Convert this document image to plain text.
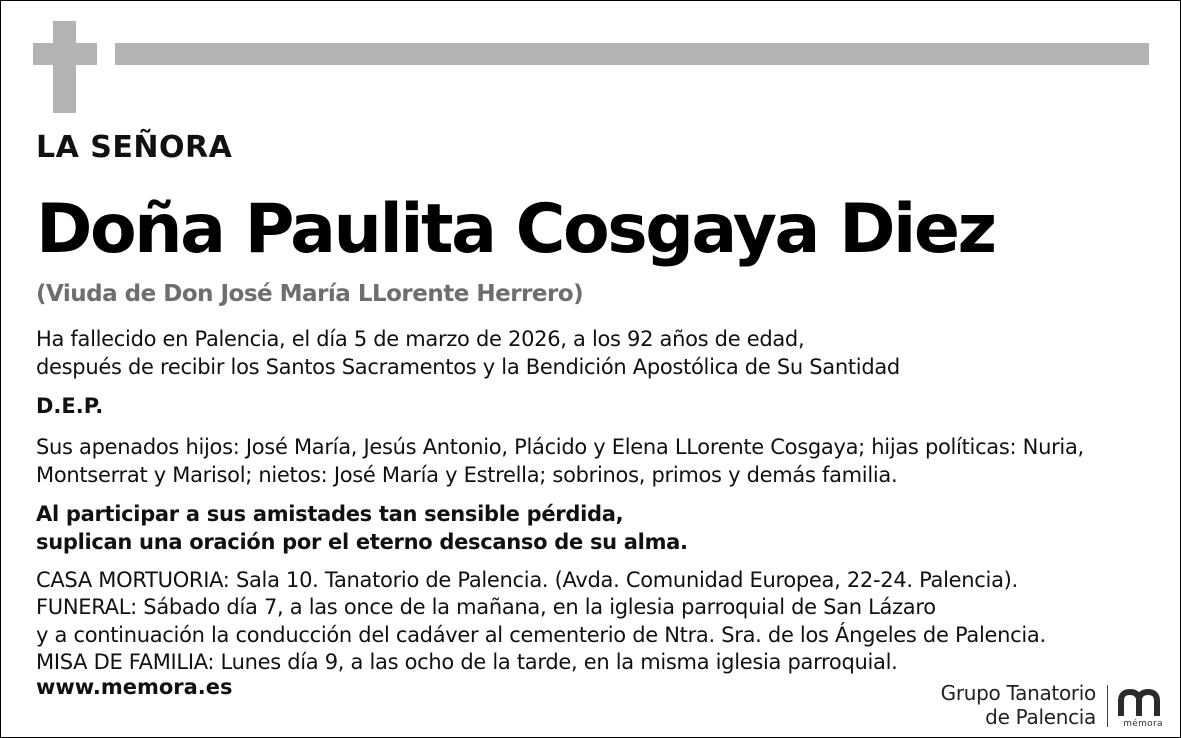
LA SEÑORA
Doña Paulita Cosgaya Diez
(Viuda de Don José María LLorente Herrero)
Ha fallecido en Palencia, el día 5 de marzo de 2026, a los 92 años de edad,
después de recibir los Santos Sacramentos y la Bendición Apostólica de Su Santidad
D.E.P.
Sus apenados hijos: José María, Jesús Antonio, Plácido y Elena LLorente Cosgaya; hijas políticas: Nuria,
Montserrat y Marisol; nietos: José María y Estrella; sobrinos, primos y demás familia.
Al participar a sus amistades tan sensible pérdida,
suplican una oración por el eterno descanso de su alma.
CASA MORTUORIA: Sala 10. Tanatorio de Palencia. (Avda. Comunidad Europea, 22-24. Palencia).
FUNERAL: Sábado día 7, a las once de la mañana, en la iglesia parroquial de San Lázaro
y a continuación la conducción del cadáver al cementerio de Ntra. Sra. de los Ángeles de Palencia.
MISA DE FAMILIA: Lunes día 9, a las ocho de la tarde, en la misma iglesia parroquial.
www.memora.es	Grupo Tanatorio
de Palencia	mémora
